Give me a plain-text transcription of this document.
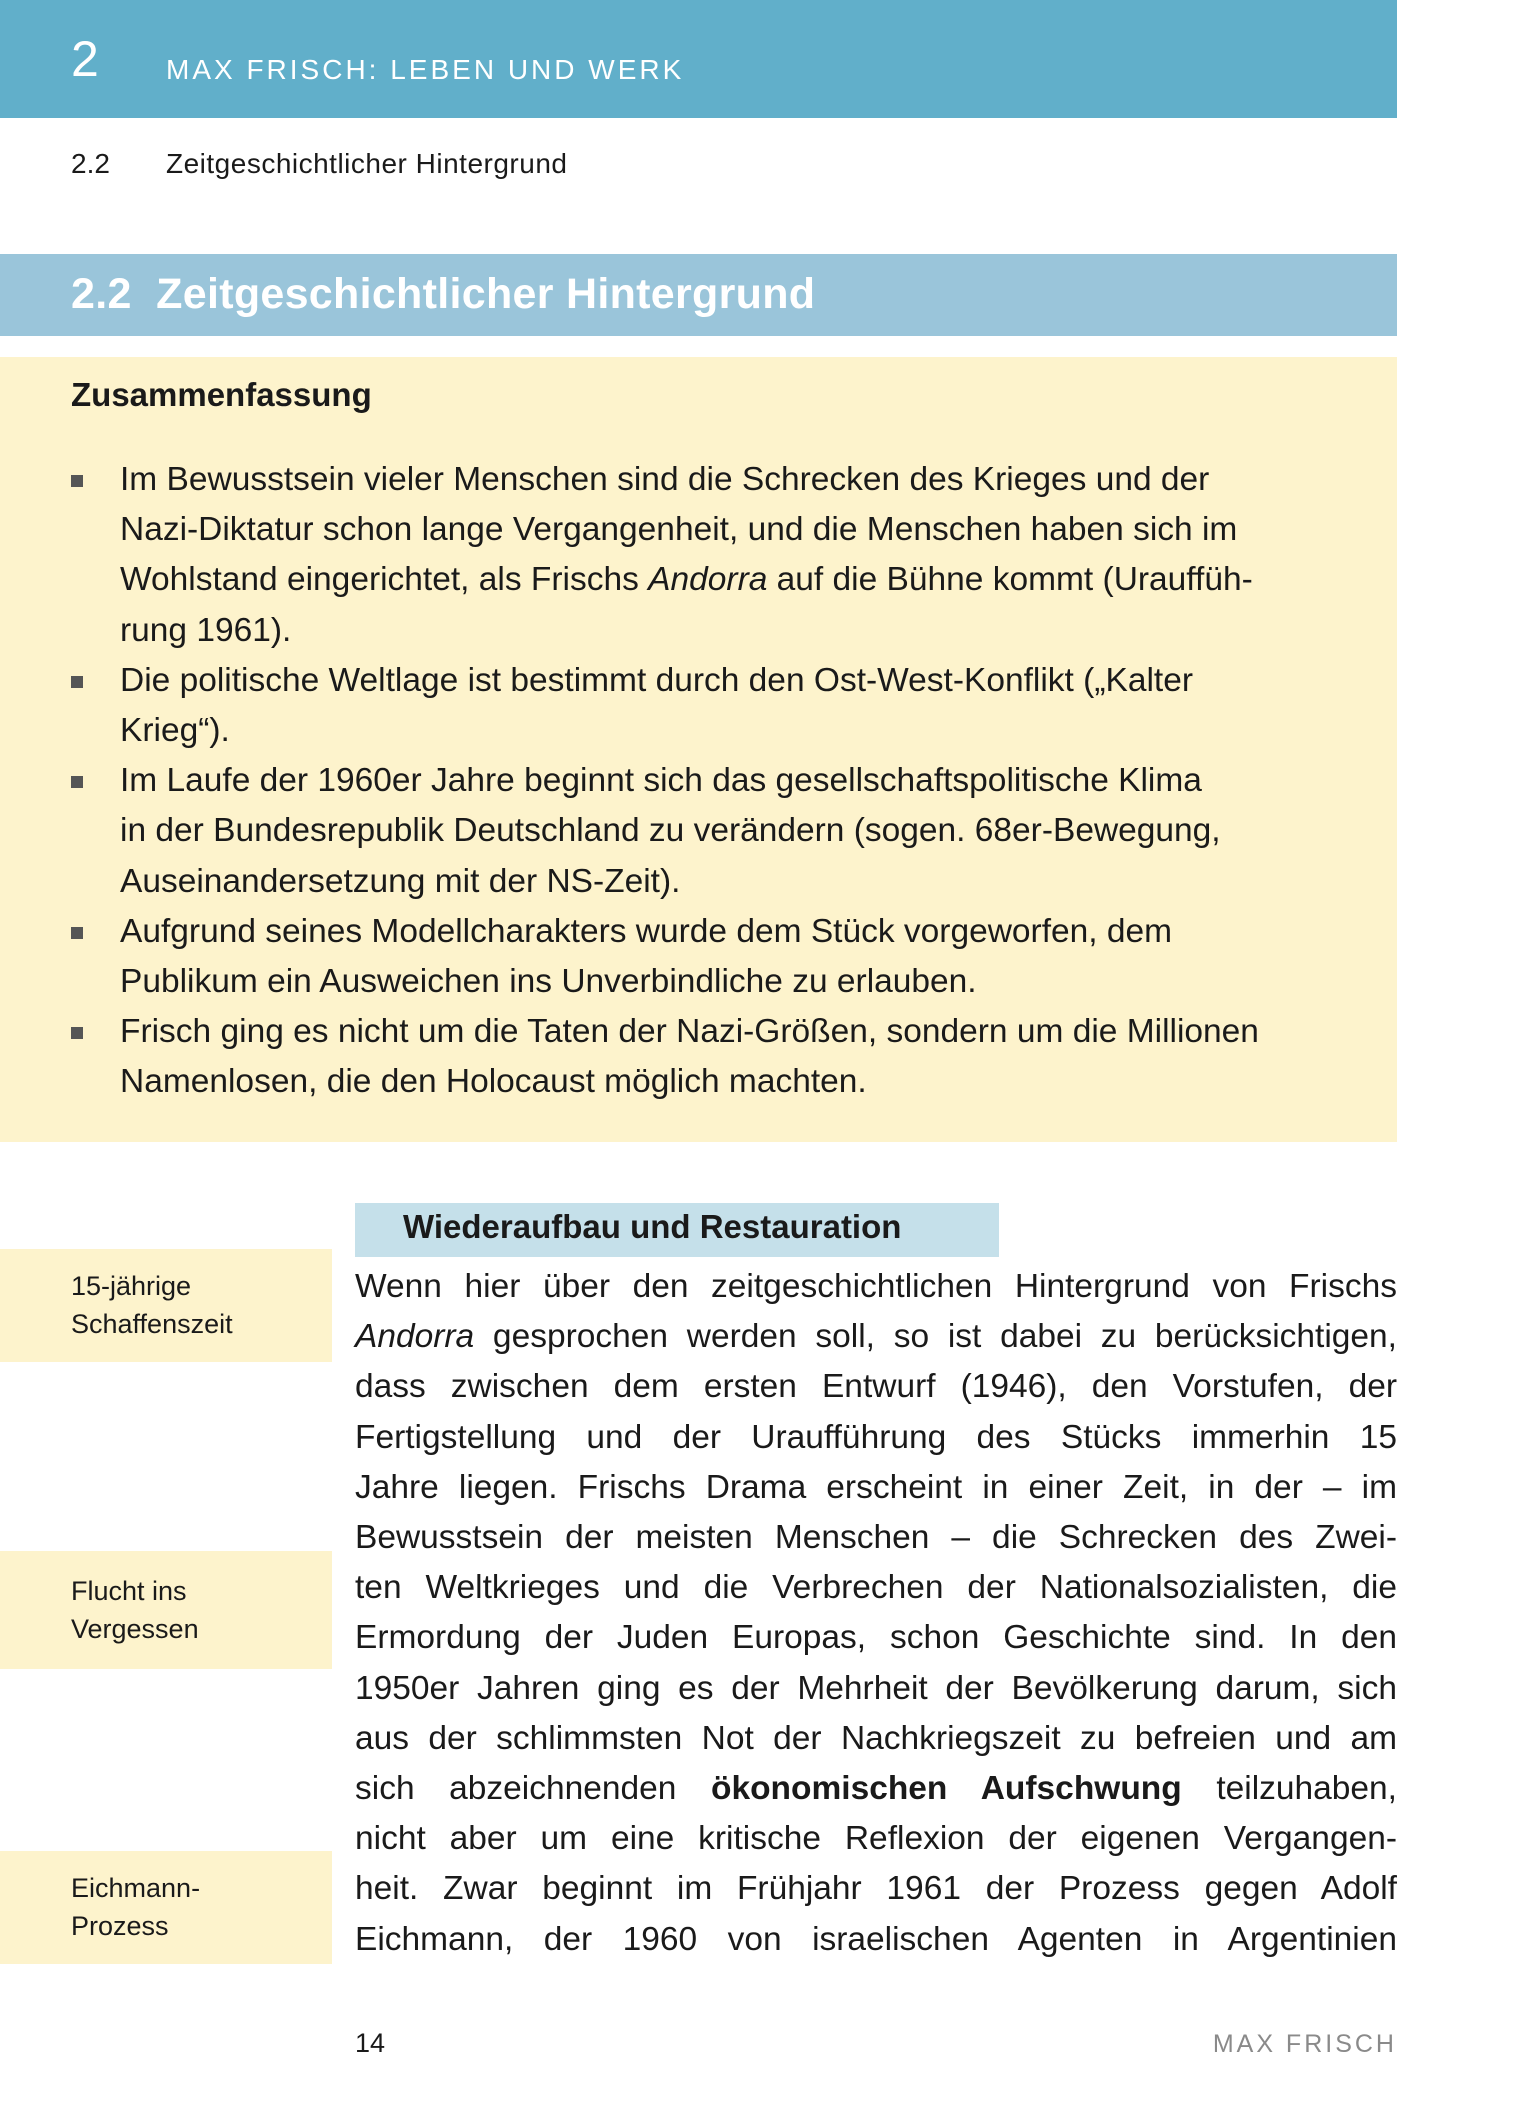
2 MAX FRISCH: LEBEN UND WERK
2.2 Zeitgeschichtlicher Hintergrund
2.2  Zeitgeschichtlicher Hintergrund
Zusammenfassung
Im Bewusstsein vieler Menschen sind die Schrecken des Krieges und der
Nazi-Diktatur schon lange Vergangenheit, und die Menschen haben sich im
Wohlstand eingerichtet, als Frischs Andorra auf die Bühne kommt (Urauffüh-
rung 1961).
Die politische Weltlage ist bestimmt durch den Ost-West-Konflikt („Kalter
Krieg“).
Im Laufe der 1960er Jahre beginnt sich das gesellschaftspolitische Klima
in der Bundesrepublik Deutschland zu verändern (sogen. 68er-Bewegung,
Auseinandersetzung mit der NS-Zeit).
Aufgrund seines Modellcharakters wurde dem Stück vorgeworfen, dem
Publikum ein Ausweichen ins Unverbindliche zu erlauben.
Frisch ging es nicht um die Taten der Nazi-Größen, sondern um die Millionen
Namenlosen, die den Holocaust möglich machten.
Wiederaufbau und Restauration
15-jährige
Schaffenszeit
Flucht ins
Vergessen
Eichmann-
Prozess
Wenn hier über den zeitgeschichtlichen Hintergrund von Frischs
Andorra gesprochen werden soll, so ist dabei zu berücksichtigen,
dass zwischen dem ersten Entwurf (1946), den Vorstufen, der
Fertigstellung und der Uraufführung des Stücks immerhin 15
Jahre liegen. Frischs Drama erscheint in einer Zeit, in der – im
Bewusstsein der meisten Menschen – die Schrecken des Zwei-
ten Weltkrieges und die Verbrechen der Nationalsozialisten, die
Ermordung der Juden Europas, schon Geschichte sind. In den
1950er Jahren ging es der Mehrheit der Bevölkerung darum, sich
aus der schlimmsten Not der Nachkriegszeit zu befreien und am
sich abzeichnenden ökonomischen Aufschwung teilzuhaben,
nicht aber um eine kritische Reflexion der eigenen Vergangen-
heit. Zwar beginnt im Frühjahr 1961 der Prozess gegen Adolf
Eichmann, der 1960 von israelischen Agenten in Argentinien
14	MAX FRISCH
